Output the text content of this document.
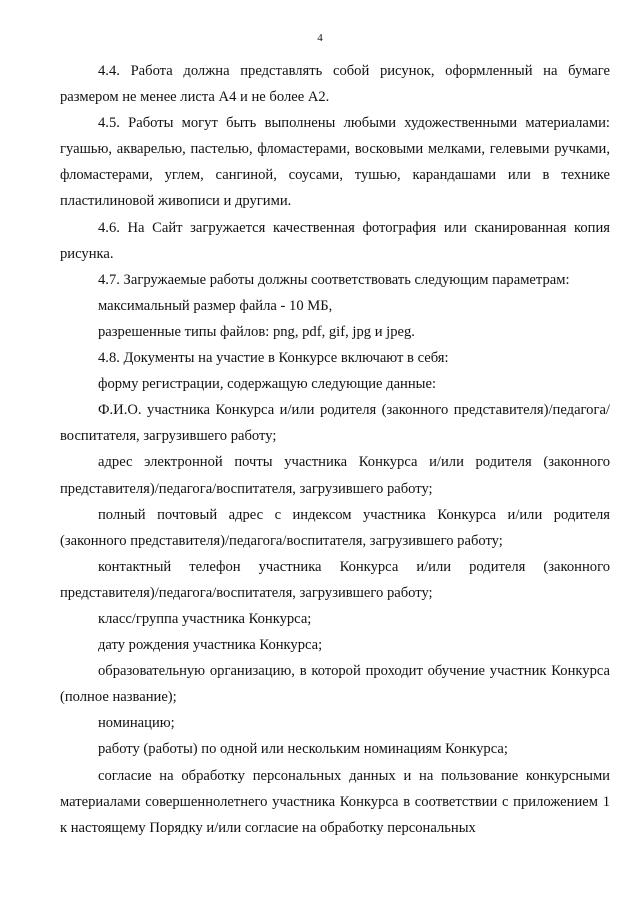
4

4.4. Работа должна представлять собой рисунок, оформленный на бумаге размером не менее листа А4 и не более А2.

4.5. Работы могут быть выполнены любыми художественными материалами: гуашью, акварелью, пастелью, фломастерами, восковыми мелками, гелевыми ручками, фломастерами, углем, сангиной, соусами, тушью, карандашами или в технике пластилиновой живописи и другими.

4.6. На Сайт загружается качественная фотография или сканированная копия рисунка.

4.7. Загружаемые работы должны соответствовать следующим параметрам:

максимальный размер файла - 10 МБ,

разрешенные типы файлов: png, pdf, gif, jpg и jpeg.

4.8. Документы на участие в Конкурсе включают в себя:

форму регистрации, содержащую следующие данные:

Ф.И.О. участника Конкурса и/или родителя (законного представителя)/педагога/воспитателя, загрузившего работу;

адрес электронной почты участника Конкурса и/или родителя (законного представителя)/педагога/воспитателя, загрузившего работу;

полный почтовый адрес с индексом участника Конкурса и/или родителя (законного представителя)/педагога/воспитателя, загрузившего работу;

контактный телефон участника Конкурса и/или родителя (законного представителя)/педагога/воспитателя, загрузившего работу;

класс/группа участника Конкурса;

дату рождения участника Конкурса;

образовательную организацию, в которой проходит обучение участник Конкурса (полное название);

номинацию;

работу (работы) по одной или нескольким номинациям Конкурса;

согласие на обработку персональных данных и на пользование конкурсными материалами совершеннолетнего участника Конкурса в соответствии с приложением 1 к настоящему Порядку и/или согласие на обработку персональных
